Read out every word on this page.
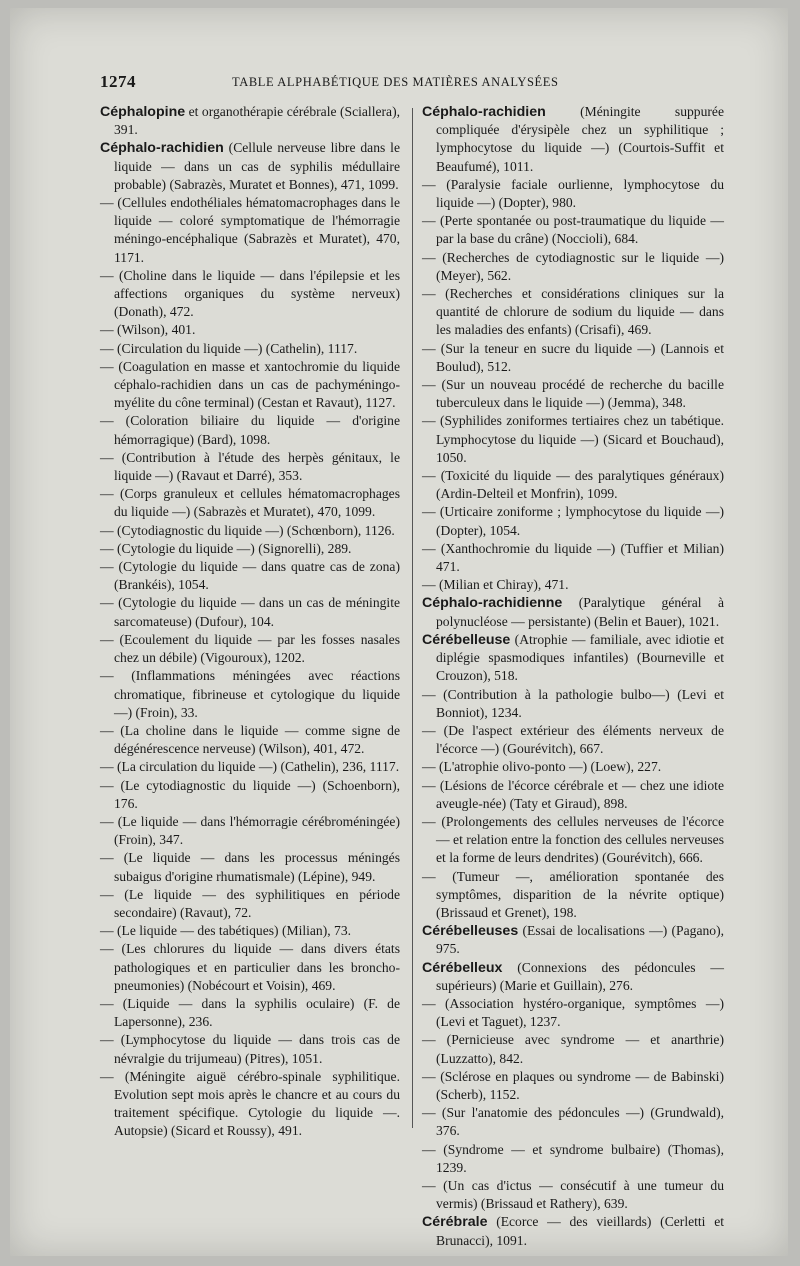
1274	TABLE ALPHABÉTIQUE DES MATIÈRES ANALYSÉES
Céphalopine et organothérapie cérébrale (Sciallera), 391.
Céphalo-rachidien (Cellule nerveuse libre dans le liquide — dans un cas de syphilis médullaire probable) (Sabrazès, Muratet et Bonnes), 471, 1099.
— (Cellules endothéliales hématomacrophages dans le liquide — coloré symptomatique de l'hémorragie méningo-encéphalique (Sabrazès et Muratet), 470, 1171.
— (Choline dans le liquide — dans l'épilepsie et les affections organiques du système nerveux) (Donath), 472.
— (Wilson), 401.
— (Circulation du liquide —) (Cathelin), 1117.
— (Coagulation en masse et xantochromie du liquide céphalo-rachidien dans un cas de pachyméningo-myélite du cône terminal) (Cestan et Ravaut), 1127.
— (Coloration biliaire du liquide — d'origine hémorragique) (Bard), 1098.
— (Contribution à l'étude des herpès génitaux, le liquide —) (Ravaut et Darré), 353.
— (Corps granuleux et cellules hématomacrophages du liquide —) (Sabrazès et Muratet), 470, 1099.
— (Cytodiagnostic du liquide —) (Schœnborn), 1126.
— (Cytologie du liquide —) (Signorelli), 289.
— (Cytologie du liquide — dans quatre cas de zona) (Brankéis), 1054.
— (Cytologie du liquide — dans un cas de méningite sarcomateuse) (Dufour), 104.
— (Ecoulement du liquide — par les fosses nasales chez un débile) (Vigouroux), 1202.
— (Inflammations méningées avec réactions chromatique, fibrineuse et cytologique du liquide —) (Froin), 33.
— (La choline dans le liquide — comme signe de dégénérescence nerveuse) (Wilson), 401, 472.
— (La circulation du liquide —) (Cathelin), 236, 1117.
— (Le cytodiagnostic du liquide —) (Schoenborn), 176.
— (Le liquide — dans l'hémorragie cérébroméningée) (Froin), 347.
— (Le liquide — dans les processus méningés subaigus d'origine rhumatismale) (Lépine), 949.
— (Le liquide — des syphilitiques en période secondaire) (Ravaut), 72.
— (Le liquide — des tabétiques) (Milian), 73.
— (Les chlorures du liquide — dans divers états pathologiques et en particulier dans les broncho-pneumonies) (Nobécourt et Voisin), 469.
— (Liquide — dans la syphilis oculaire) (F. de Lapersonne), 236.
— (Lymphocytose du liquide — dans trois cas de névralgie du trijumeau) (Pitres), 1051.
— (Méningite aiguë cérébro-spinale syphilitique. Evolution sept mois après le chancre et au cours du traitement spécifique. Cytologie du liquide —. Autopsie) (Sicard et Roussy), 491.
Céphalo-rachidien (Méningite suppurée compliquée d'érysipèle chez un syphilitique ; lymphocytose du liquide —) (Courtois-Suffit et Beaufumé), 1011.
— (Paralysie faciale ourlienne, lymphocytose du liquide —) (Dopter), 980.
— (Perte spontanée ou post-traumatique du liquide — par la base du crâne) (Noccioli), 684.
— (Recherches de cytodiagnostic sur le liquide —) (Meyer), 562.
— (Recherches et considérations cliniques sur la quantité de chlorure de sodium du liquide — dans les maladies des enfants) (Crisafi), 469.
— (Sur la teneur en sucre du liquide —) (Lannois et Boulud), 512.
— (Sur un nouveau procédé de recherche du bacille tuberculeux dans le liquide —) (Jemma), 348.
— (Syphilides zoniformes tertiaires chez un tabétique. Lymphocytose du liquide —) (Sicard et Bouchaud), 1050.
— (Toxicité du liquide — des paralytiques généraux) (Ardin-Delteil et Monfrin), 1099.
— (Urticaire zoniforme ; lymphocytose du liquide —) (Dopter), 1054.
— (Xanthochromie du liquide —) (Tuffier et Milian) 471.
— (Milian et Chiray), 471.
Céphalo-rachidienne (Paralytique général à polynucléose — persistante) (Belin et Bauer), 1021.
Cérébelleuse (Atrophie — familiale, avec idiotie et diplégie spasmodiques infantiles) (Bourneville et Crouzon), 518.
— (Contribution à la pathologie bulbo—) (Levi et Bonniot), 1234.
— (De l'aspect extérieur des éléments nerveux de l'écorce —) (Gourévitch), 667.
— (L'atrophie olivo-ponto —) (Loew), 227.
— (Lésions de l'écorce cérébrale et — chez une idiote aveugle-née) (Taty et Giraud), 898.
— (Prolongements des cellules nerveuses de l'écorce — et relation entre la fonction des cellules nerveuses et la forme de leurs dendrites) (Gourévitch), 666.
— (Tumeur —, amélioration spontanée des symptômes, disparition de la névrite optique) (Brissaud et Grenet), 198.
Cérébelleuses (Essai de localisations —) (Pagano), 975.
Cérébelleux (Connexions des pédoncules — supérieurs) (Marie et Guillain), 276.
— (Association hystéro-organique, symptômes —) (Levi et Taguet), 1237.
— (Pernicieuse avec syndrome — et anarthrie) (Luzzatto), 842.
— (Sclérose en plaques ou syndrome — de Babinski) (Scherb), 1152.
— (Sur l'anatomie des pédoncules —) (Grundwald), 376.
— (Syndrome — et syndrome bulbaire) (Thomas), 1239.
— (Un cas d'ictus — consécutif à une tumeur du vermis) (Brissaud et Rathery), 639.
Cérébrale (Ecorce — des vieillards) (Cerletti et Brunacci), 1091.
